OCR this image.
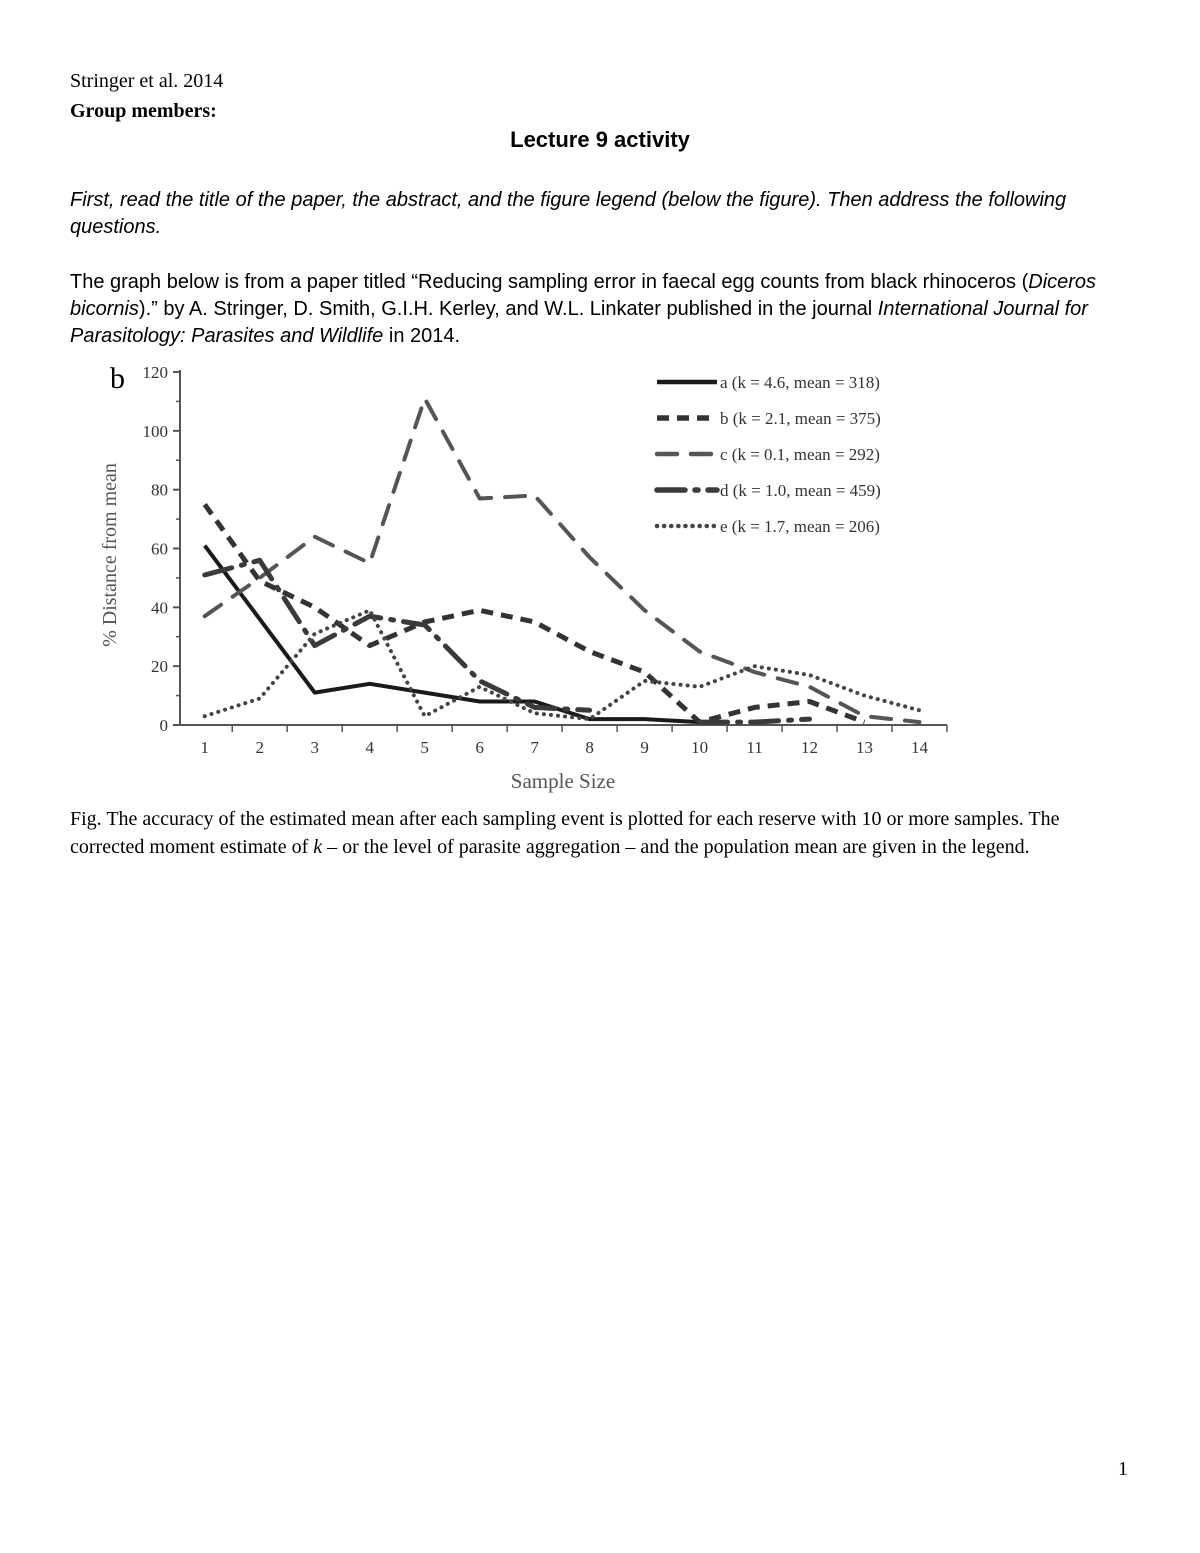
Stringer et al. 2014
Group members:
Lecture 9 activity
First, read the title of the paper, the abstract, and the figure legend (below the figure). Then address the following questions.
The graph below is from a paper titled “Reducing sampling error in faecal egg counts from black rhinoceros (Diceros bicornis).” by A. Stringer, D. Smith, G.I.H. Kerley, and W.L. Linkater published in the journal International Journal for Parasitology: Parasites and Wildlife in 2014.
b
% Distance from mean
Sample Size
0
20
40
60
80
100
120
1	2	3	4	5	6	7	8	9 10 11 12 13 14
a (k = 4.6, mean = 318)
b (k = 2.1, mean = 375)
c (k = 0.1, mean = 292)
d (k = 1.0, mean = 459)
e (k = 1.7, mean = 206)
Fig. The accuracy of the estimated mean after each sampling event is plotted for each reserve with 10 or more samples. The corrected moment estimate of k – or the level of parasite aggregation – and the population mean are given in the legend.
1
